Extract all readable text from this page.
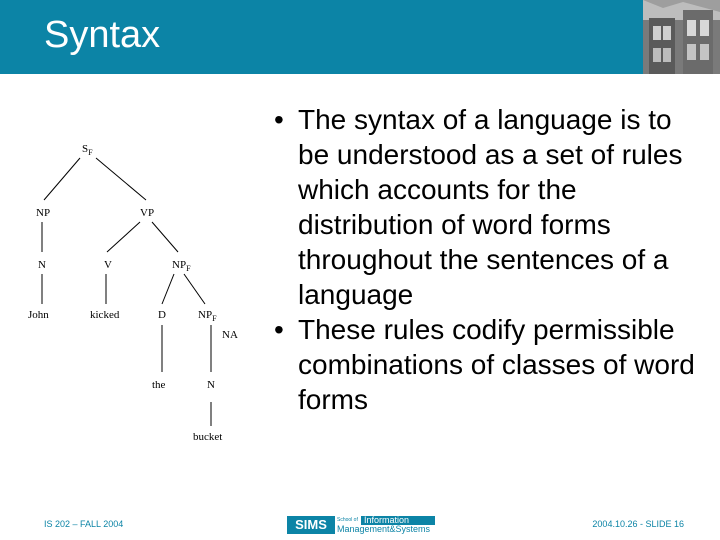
Syntax
$S_F$
NP	VP
N	V	$NP_F$
John	kicked	D	$NP_F$
NA
the	N
bucket
• The syntax of a language is to be understood as a set of rules which accounts for the distribution of word forms throughout the sentences of a language
• These rules codify permissible combinations of classes of word forms
IS 202 – FALL 2004	SIMS	School of Information
Management&Systems	2004.10.26 - SLIDE 16
